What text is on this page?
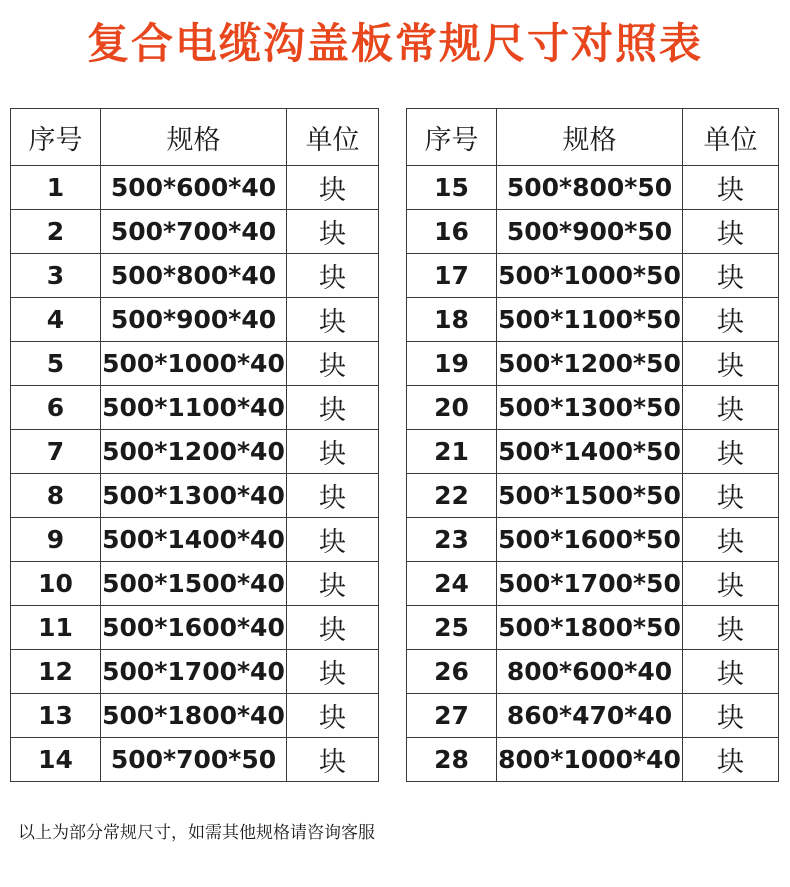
复合电缆沟盖板常规尺寸对照表
序号	规格	单位
1	500*600*40	块
2	500*700*40	块
3	500*800*40	块
4	500*900*40	块
5	500*1000*40	块
6	500*1100*40	块
7	500*1200*40	块
8	500*1300*40	块
9	500*1400*40	块
10	500*1500*40	块
11	500*1600*40	块
12	500*1700*40	块
13	500*1800*40	块
14	500*700*50	块
序号	规格	单位
15	500*800*50	块
16	500*900*50	块
17	500*1000*50	块
18	500*1100*50	块
19	500*1200*50	块
20	500*1300*50	块
21	500*1400*50	块
22	500*1500*50	块
23	500*1600*50	块
24	500*1700*50	块
25	500*1800*50	块
26	800*600*40	块
27	860*470*40	块
28	800*1000*40	块
以上为部分常规尺寸，如需其他规格请咨询客服
